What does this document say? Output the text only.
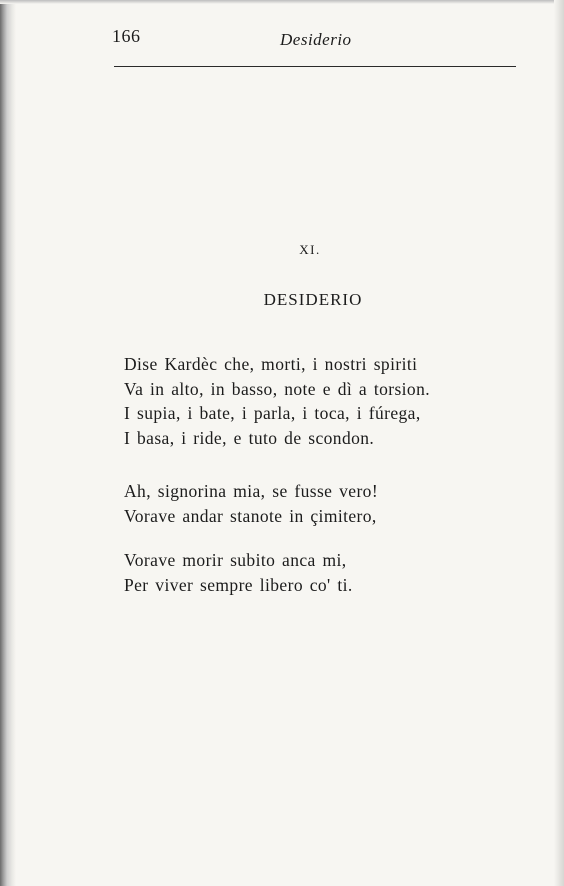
166	Desiderio
XI.
DESIDERIO
Dise Kardèc che, morti, i nostri spiriti
Va in alto, in basso, note e dì a torsion.
I supia, i bate, i parla, i toca, i fúrega,
I basa, i ride, e tuto de scondon.
Ah, signorina mia, se fusse vero!
Vorave andar stanote in çimitero,
Vorave morir subito anca mi,
Per viver sempre libero co' ti.
